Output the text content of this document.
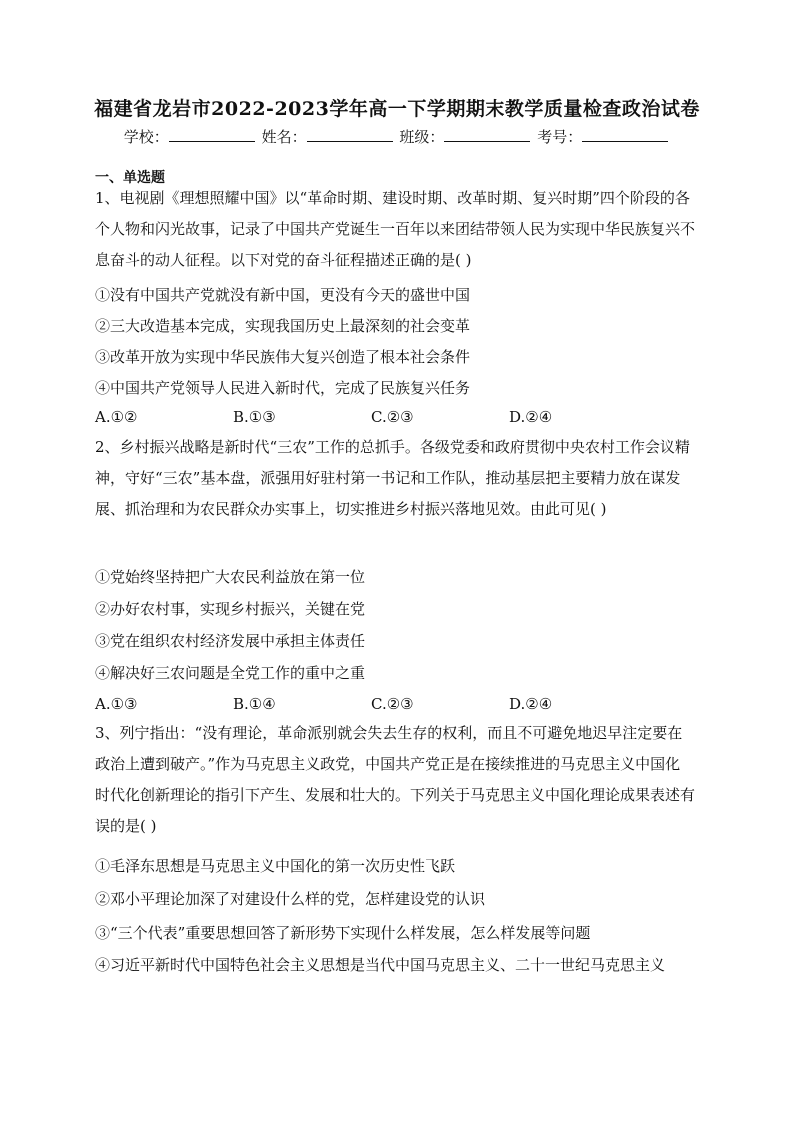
福建省龙岩市2022-2023学年高一下学期期末教学质量检查政治试卷
学校：	姓名：	班级：	考号：
一、单选题
1、电视剧《理想照耀中国》以“革命时期、建设时期、改革时期、复兴时期”四个阶段的各个人物和闪光故事，记录了中国共产党诞生一百年以来团结带领人民为实现中华民族复兴不息奋斗的动人征程。以下对党的奋斗征程描述正确的是( )
①没有中国共产党就没有新中国，更没有今天的盛世中国
②三大改造基本完成，实现我国历史上最深刻的社会变革
③改革开放为实现中华民族伟大复兴创造了根本社会条件
④中国共产党领导人民进入新时代，完成了民族复兴任务
A.①②	B.①③	C.②③	D.②④
2、乡村振兴战略是新时代“三农”工作的总抓手。各级党委和政府贯彻中央农村工作会议精神，守好“三农”基本盘，派强用好驻村第一书记和工作队，推动基层把主要精力放在谋发展、抓治理和为农民群众办实事上，切实推进乡村振兴落地见效。由此可见( )
①党始终坚持把广大农民利益放在第一位
②办好农村事，实现乡村振兴，关键在党
③党在组织农村经济发展中承担主体责任
④解决好三农问题是全党工作的重中之重
A.①③	B.①④	C.②③	D.②④
3、列宁指出：“没有理论，革命派别就会失去生存的权利，而且不可避免地迟早注定要在政治上遭到破产。”作为马克思主义政党，中国共产党正是在接续推进的马克思主义中国化时代化创新理论的指引下产生、发展和壮大的。下列关于马克思主义中国化理论成果表述有误的是( )
①毛泽东思想是马克思主义中国化的第一次历史性飞跃
②邓小平理论加深了对建设什么样的党，怎样建设党的认识
③“三个代表”重要思想回答了新形势下实现什么样发展，怎么样发展等问题
④习近平新时代中国特色社会主义思想是当代中国马克思主义、二十一世纪马克思主义
